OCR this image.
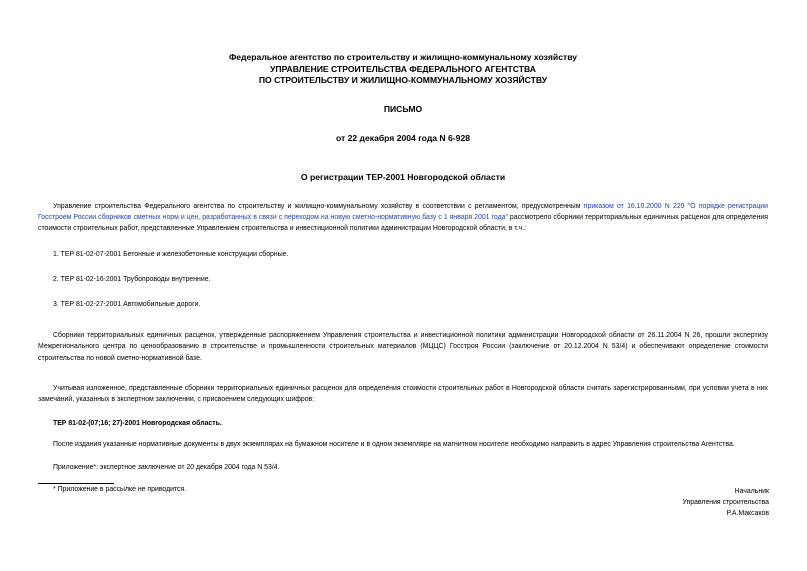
Федеральное агентство по строительству и жилищно-коммунальному хозяйству
УПРАВЛЕНИЕ СТРОИТЕЛЬСТВА ФЕДЕРАЛЬНОГО АГЕНТСТВА
ПО СТРОИТЕЛЬСТВУ И ЖИЛИЩНО-КОММУНАЛЬНОМУ ХОЗЯЙСТВУ
ПИСЬМО
от 22 декабря 2004 года N 6-928
О регистрации ТЕР-2001 Новгородской области

Управление строительства Федерального агентства по строительству и жилищно-коммунальному хозяйству в соответствии с регламентом, предусмотренным приказом от 16.10.2000 N 229 "О порядке регистрации Госстроем России сборников сметных норм и цен, разработанных в связи с переходом на новую сметно-нормативную базу с 1 января 2001 года" рассмотрело сборники территориальных единичных расценок для определения стоимости строительных работ, представленные Управлением строительства и инвестиционной политики администрации Новгородской области, в т.ч.:

1. ТЕР 81-02-07-2001 Бетонные и железобетонные конструкции сборные.
2. ТЕР 81-02-16-2001 Трубопроводы внутренние.
3. ТЕР 81-02-27-2001 Автомобильные дороги.

Сборники территориальных единичных расценок, утвержденные распоряжением Управления строительства и инвестиционной политики администрации Новгородской области от 26.11.2004 N 26, прошли экспертизу Межрегионального центра по ценообразованию в строительстве и промышленности строительных материалов (МЦЦС) Госстроя России (заключение от 20.12.2004 N 53/4) и обеспечивают определение стоимости строительства по новой сметно-нормативной базе.

Учитывая изложенное, представленные сборники территориальных единичных расценок для определения стоимости строительных работ в Новгородской области считать зарегистрированными, при условии учета в них замечаний, указанных в экспертном заключении, с присвоением следующих шифров:

ТЕР 81-02-(07;16; 27)-2001 Новгородская область.

После издания указанные нормативные документы в двух экземплярах на бумажном носителе и в одном экземпляре на магнитном носителе необходимо направить в адрес Управления строительства Агентства.

Приложение*: экспертное заключение от 20 декабря 2004 года N 53/4.

* Приложение в рассылке не приводится.	Начальник
Управления строительства
Р.А.Максаков
